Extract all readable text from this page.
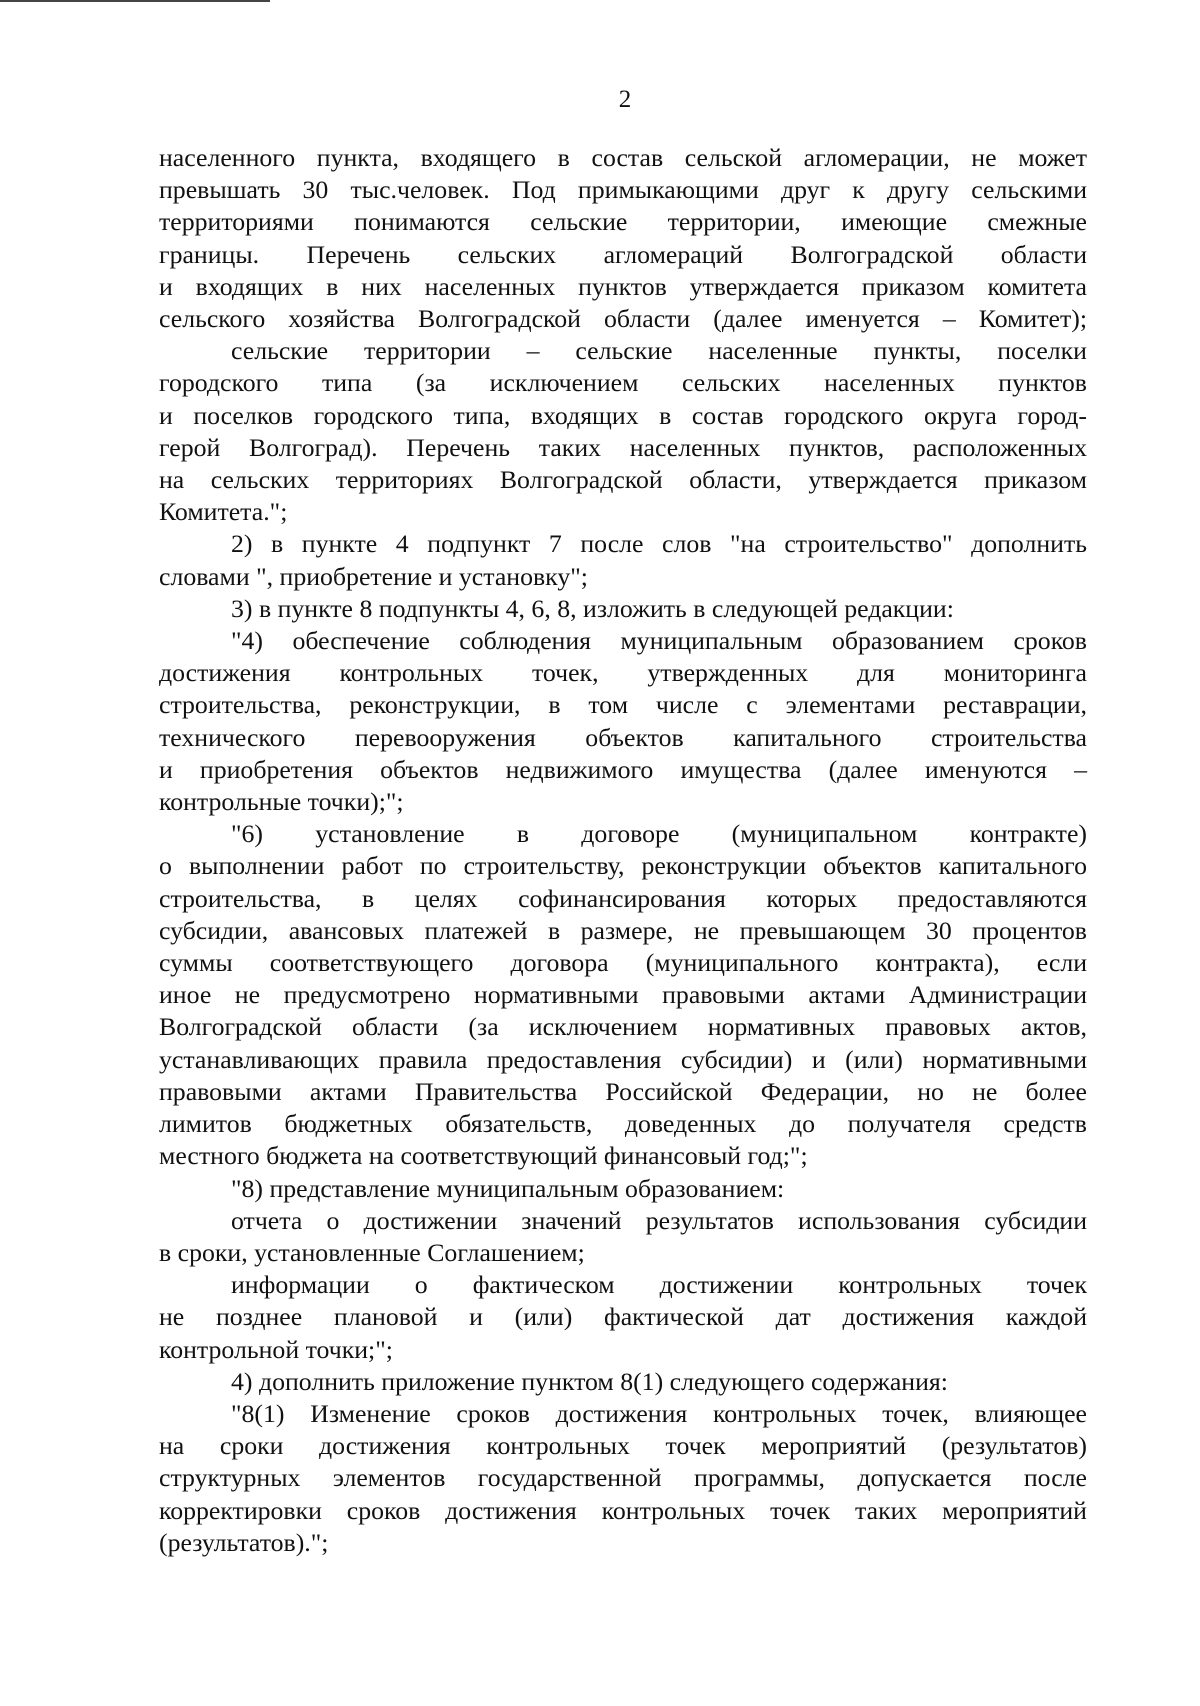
2

населенного пункта, входящего в состав сельской агломерации, не может

превышать 30 тыс.человек. Под примыкающими друг к другу сельскими

территориями понимаются сельские территории, имеющие смежные

границы. Перечень сельских агломераций Волгоградской области

и входящих в них населенных пунктов утверждается приказом комитета

сельского хозяйства Волгоградской области (далее именуется – Комитет);

сельские территории – сельские населенные пункты, поселки

городского типа (за исключением сельских населенных пунктов

и поселков городского типа, входящих в состав городского округа город-

герой Волгоград). Перечень таких населенных пунктов, расположенных

на сельских территориях Волгоградской области, утверждается приказом

Комитета.";

2) в пункте 4 подпункт 7 после слов "на строительство" дополнить

словами ", приобретение и установку";

3) в пункте 8 подпункты 4, 6, 8, изложить в следующей редакции:

"4) обеспечение соблюдения муниципальным образованием сроков

достижения контрольных точек, утвержденных для мониторинга

строительства, реконструкции, в том числе с элементами реставрации,

технического перевооружения объектов капитального строительства

и приобретения объектов недвижимого имущества (далее именуются –

контрольные точки);";

"6) установление в договоре (муниципальном контракте)

о выполнении работ по строительству, реконструкции объектов капитального

строительства, в целях софинансирования которых предоставляются

субсидии, авансовых платежей в размере, не превышающем 30 процентов

суммы соответствующего договора (муниципального контракта), если

иное не предусмотрено нормативными правовыми актами Администрации

Волгоградской области (за исключением нормативных правовых актов,

устанавливающих правила предоставления субсидии) и (или) нормативными

правовыми актами Правительства Российской Федерации, но не более

лимитов бюджетных обязательств, доведенных до получателя средств

местного бюджета на соответствующий финансовый год;";

"8) представление муниципальным образованием:

отчета о достижении значений результатов использования субсидии

в сроки, установленные Соглашением;

информации о фактическом достижении контрольных точек

не позднее плановой и (или) фактической дат достижения каждой

контрольной точки;";

4) дополнить приложение пунктом 8(1) следующего содержания:

"8(1) Изменение сроков достижения контрольных точек, влияющее

на сроки достижения контрольных точек мероприятий (результатов)

структурных элементов государственной программы, допускается после

корректировки сроков достижения контрольных точек таких мероприятий

(результатов).";
